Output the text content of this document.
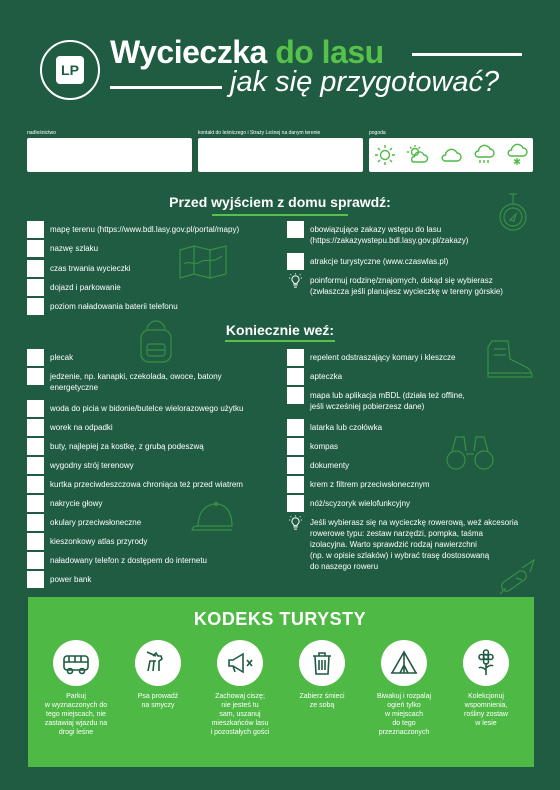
LP Wycieczka do lasu
jak się przygotować?
nadleśnictwo	kontakt do leśniczego i Straży Leśnej na danym terenie	pogoda
Przed wyjściem z domu sprawdź:
mapę terenu (https://www.bdl.lasy.gov.pl/portal/mapy)
nazwę szlaku
czas trwania wycieczki
dojazd i parkowanie
poziom naładowania baterii telefonu
obowiązujące zakazy wstępu do lasu
(https://zakazywstepu.bdl.lasy.gov.pl/zakazy)
atrakcje turystyczne (www.czaswlas.pl)
poinformuj rodzinę/znajomych, dokąd się wybierasz
(zwłaszcza jeśli planujesz wycieczkę w tereny górskie)
Koniecznie weź:
plecak
jedzenie, np. kanapki, czekolada, owoce, batony
energetyczne
woda do picia w bidonie/butelce wielorazowego użytku
worek na odpadki
buty, najlepiej za kostkę, z grubą podeszwą
wygodny strój terenowy
kurtka przeciwdeszczowa chroniąca też przed wiatrem
nakrycie głowy
okulary przeciwsłoneczne
kieszonkowy atlas przyrody
naładowany telefon z dostępem do internetu
power bank
repelent odstraszający komary i kleszcze
apteczka
mapa lub aplikacja mBDL (działa też offline,
jeśli wcześniej pobierzesz dane)
latarka lub czołówka
kompas
dokumenty
krem z filtrem przeciwsłonecznym
nóż/scyzoryk wielofunkcyjny
Jeśli wybierasz się na wycieczkę rowerową, weź akcesoria
rowerowe typu: zestaw narzędzi, pompka, taśma
izolacyjna. Warto sprawdzić rodzaj nawierzchni
(np. w opisie szlaków) i wybrać trasę dostosowaną
do naszego roweru
KODEKS TURYSTY
Parkuj
w wyznaczonych do
tego miejscach, nie
zastawiaj wjazdu na
drogi leśne
Psa prowadź
na smyczy
Zachowaj ciszę;
nie jesteś tu
sam, uszanuj
mieszkańców lasu
i pozostałych gości
Zabierz śmieci
ze sobą
Biwakuj i rozpalaj
ogień tylko
w miejscach
do tego
przeznaczonych
Kolekcjonuj
wspomnienia,
rośliny zostaw
w lesie
